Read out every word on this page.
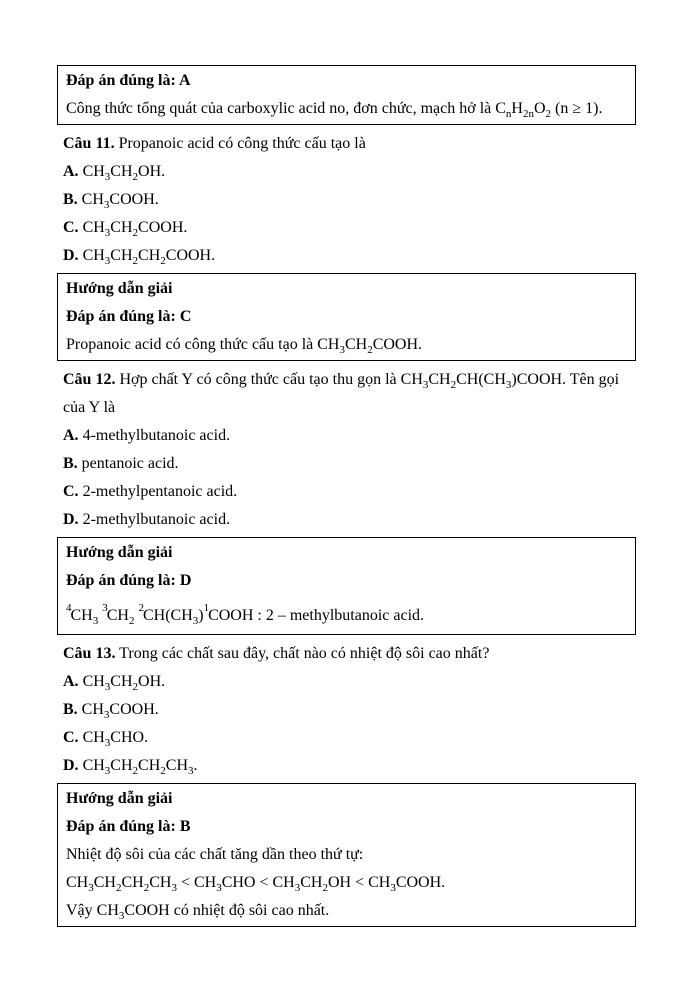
Đáp án đúng là: A

Công thức tổng quát của carboxylic acid no, đơn chức, mạch hở là $C_nH_{2n}O_2$ (n ≥ 1).

Câu 11. Propanoic acid có công thức cấu tạo là

A. $CH_3CH_2OH$.

B. $CH_3COOH$.

C. $CH_3CH_2COOH$.

D. $CH_3CH_2CH_2COOH$.

Hướng dẫn giải

Đáp án đúng là: C

Propanoic acid có công thức cấu tạo là $CH_3CH_2COOH$.

Câu 12. Hợp chất Y có công thức cấu tạo thu gọn là $CH_3CH_2CH(CH_3)COOH$. Tên gọi của Y là

A. 4-methylbutanoic acid.

B. pentanoic acid.

C. 2-methylpentanoic acid.

D. 2-methylbutanoic acid.

Hướng dẫn giải

Đáp án đúng là: D

$^4CH_3$ $^3CH_2$ $^2CH(CH_3)^1COOH$ : 2 – methylbutanoic acid.

Câu 13. Trong các chất sau đây, chất nào có nhiệt độ sôi cao nhất?

A. $CH_3CH_2OH$.

B. $CH_3COOH$.

C. $CH_3CHO$.

D. $CH_3CH_2CH_2CH_3$.

Hướng dẫn giải

Đáp án đúng là: B

Nhiệt độ sôi của các chất tăng dần theo thứ tự:

$CH_3CH_2CH_2CH_3 < CH_3CHO < CH_3CH_2OH$ < $CH_3COOH$.

Vậy $CH_3COOH$ có nhiệt độ sôi cao nhất.
